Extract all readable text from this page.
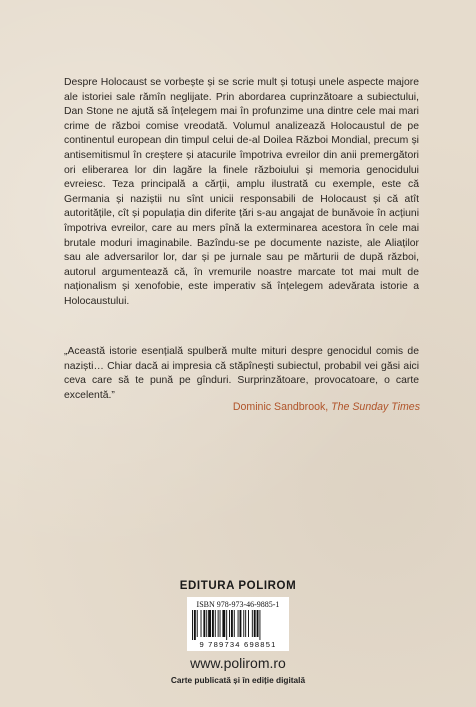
Despre Holocaust se vorbește și se scrie mult și totuși unele aspecte majore ale istoriei sale rămîn neglijate. Prin abordarea cuprinzătoare a subiectului, Dan Stone ne ajută să înțelegem mai în profunzime una dintre cele mai mari crime de război comise vreodată. Volumul analizează Holocaustul de pe continentul european din timpul celui de-al Doilea Război Mondial, precum și antisemitismul în creștere și atacurile împotriva evreilor din anii premergători ori eliberarea lor din lagăre la finele războiului și memoria genocidului evreiesc. Teza principală a cărții, amplu ilustrată cu exemple, este că Germania și naziștii nu sînt unicii responsabili de Holocaust și că atît autoritățile, cît și populația din diferite țări s-au angajat de bunăvoie în acțiuni împotriva evreilor, care au mers pînă la exterminarea acestora în cele mai brutale moduri imaginabile. Bazîndu-se pe documente naziste, ale Aliaților sau ale adversarilor lor, dar și pe jurnale sau pe mărturii de după război, autorul argumentează că, în vremurile noastre marcate tot mai mult de naționalism și xenofobie, este imperativ să înțelegem adevărata istorie a Holocaustului.

„Această istorie esențială spulberă multe mituri despre genocidul comis de naziști… Chiar dacă ai impresia că stăpînești subiectul, probabil vei găsi aici ceva care să te pună pe gînduri. Surprinzătoare, provocatoare, o carte excelentă.”

Dominic Sandbrook, The Sunday Times
EDITURA POLIROM
ISBN 978-973-46-9885-1
9 789734 698851
www.polirom.ro
Carte publicată și în ediție digitală
